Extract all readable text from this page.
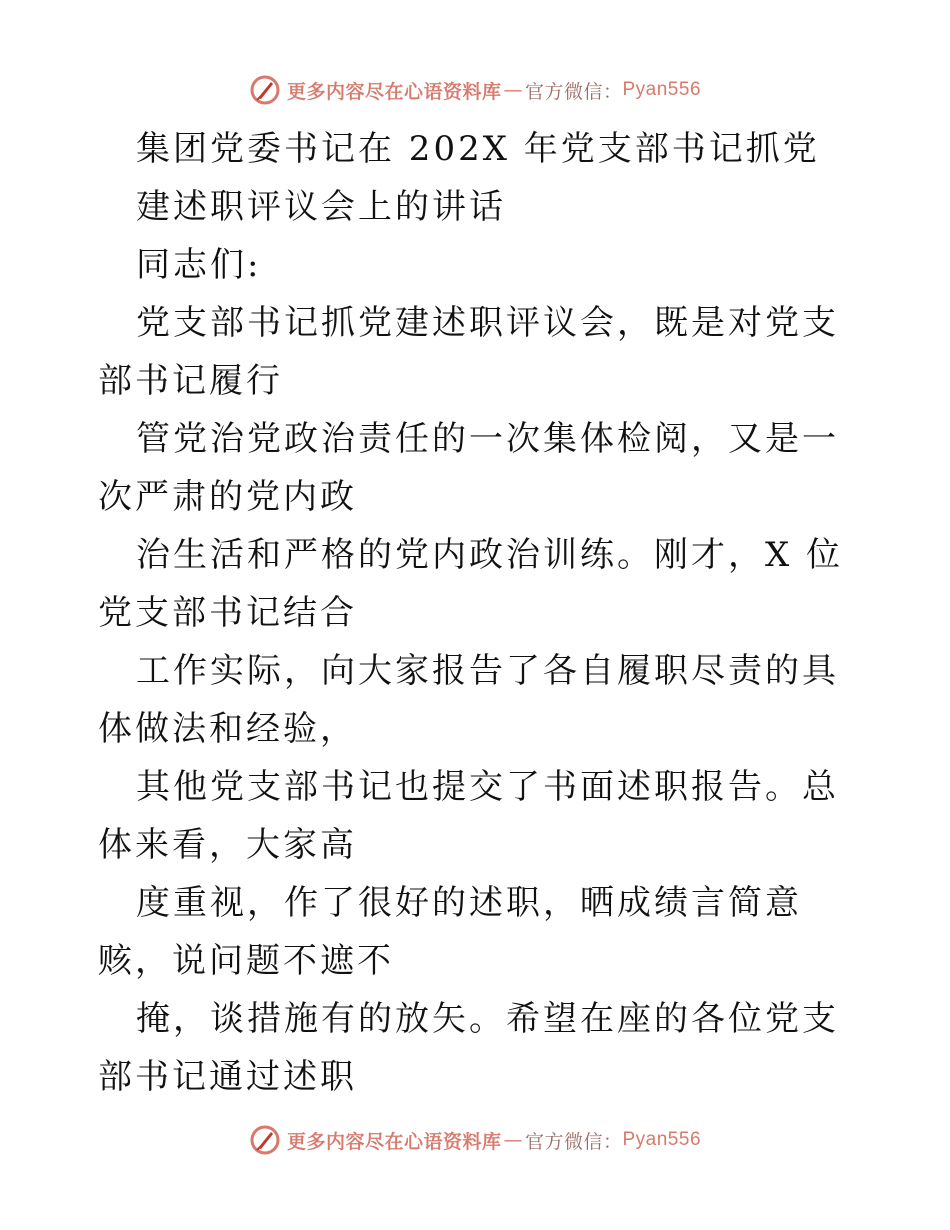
更多内容尽在心语资料库 — 官方微信： Pyan556

集团党委书记在 202X 年党支部书记抓党

建述职评议会上的讲话

同志们:

党支部书记抓党建述职评议会，既是对党支部书记履行

管党治党政治责任的一次集体检阅，又是一次严肃的党内政

治生活和严格的党内政治训练。刚才，X 位党支部书记结合

工作实际，向大家报告了各自履职尽责的具体做法和经验，

其他党支部书记也提交了书面述职报告。总体来看，大家高

度重视，作了很好的述职，晒成绩言简意赅，说问题不遮不

掩，谈措施有的放矢。希望在座的各位党支部书记通过述职

更多内容尽在心语资料库 — 官方微信： Pyan556
